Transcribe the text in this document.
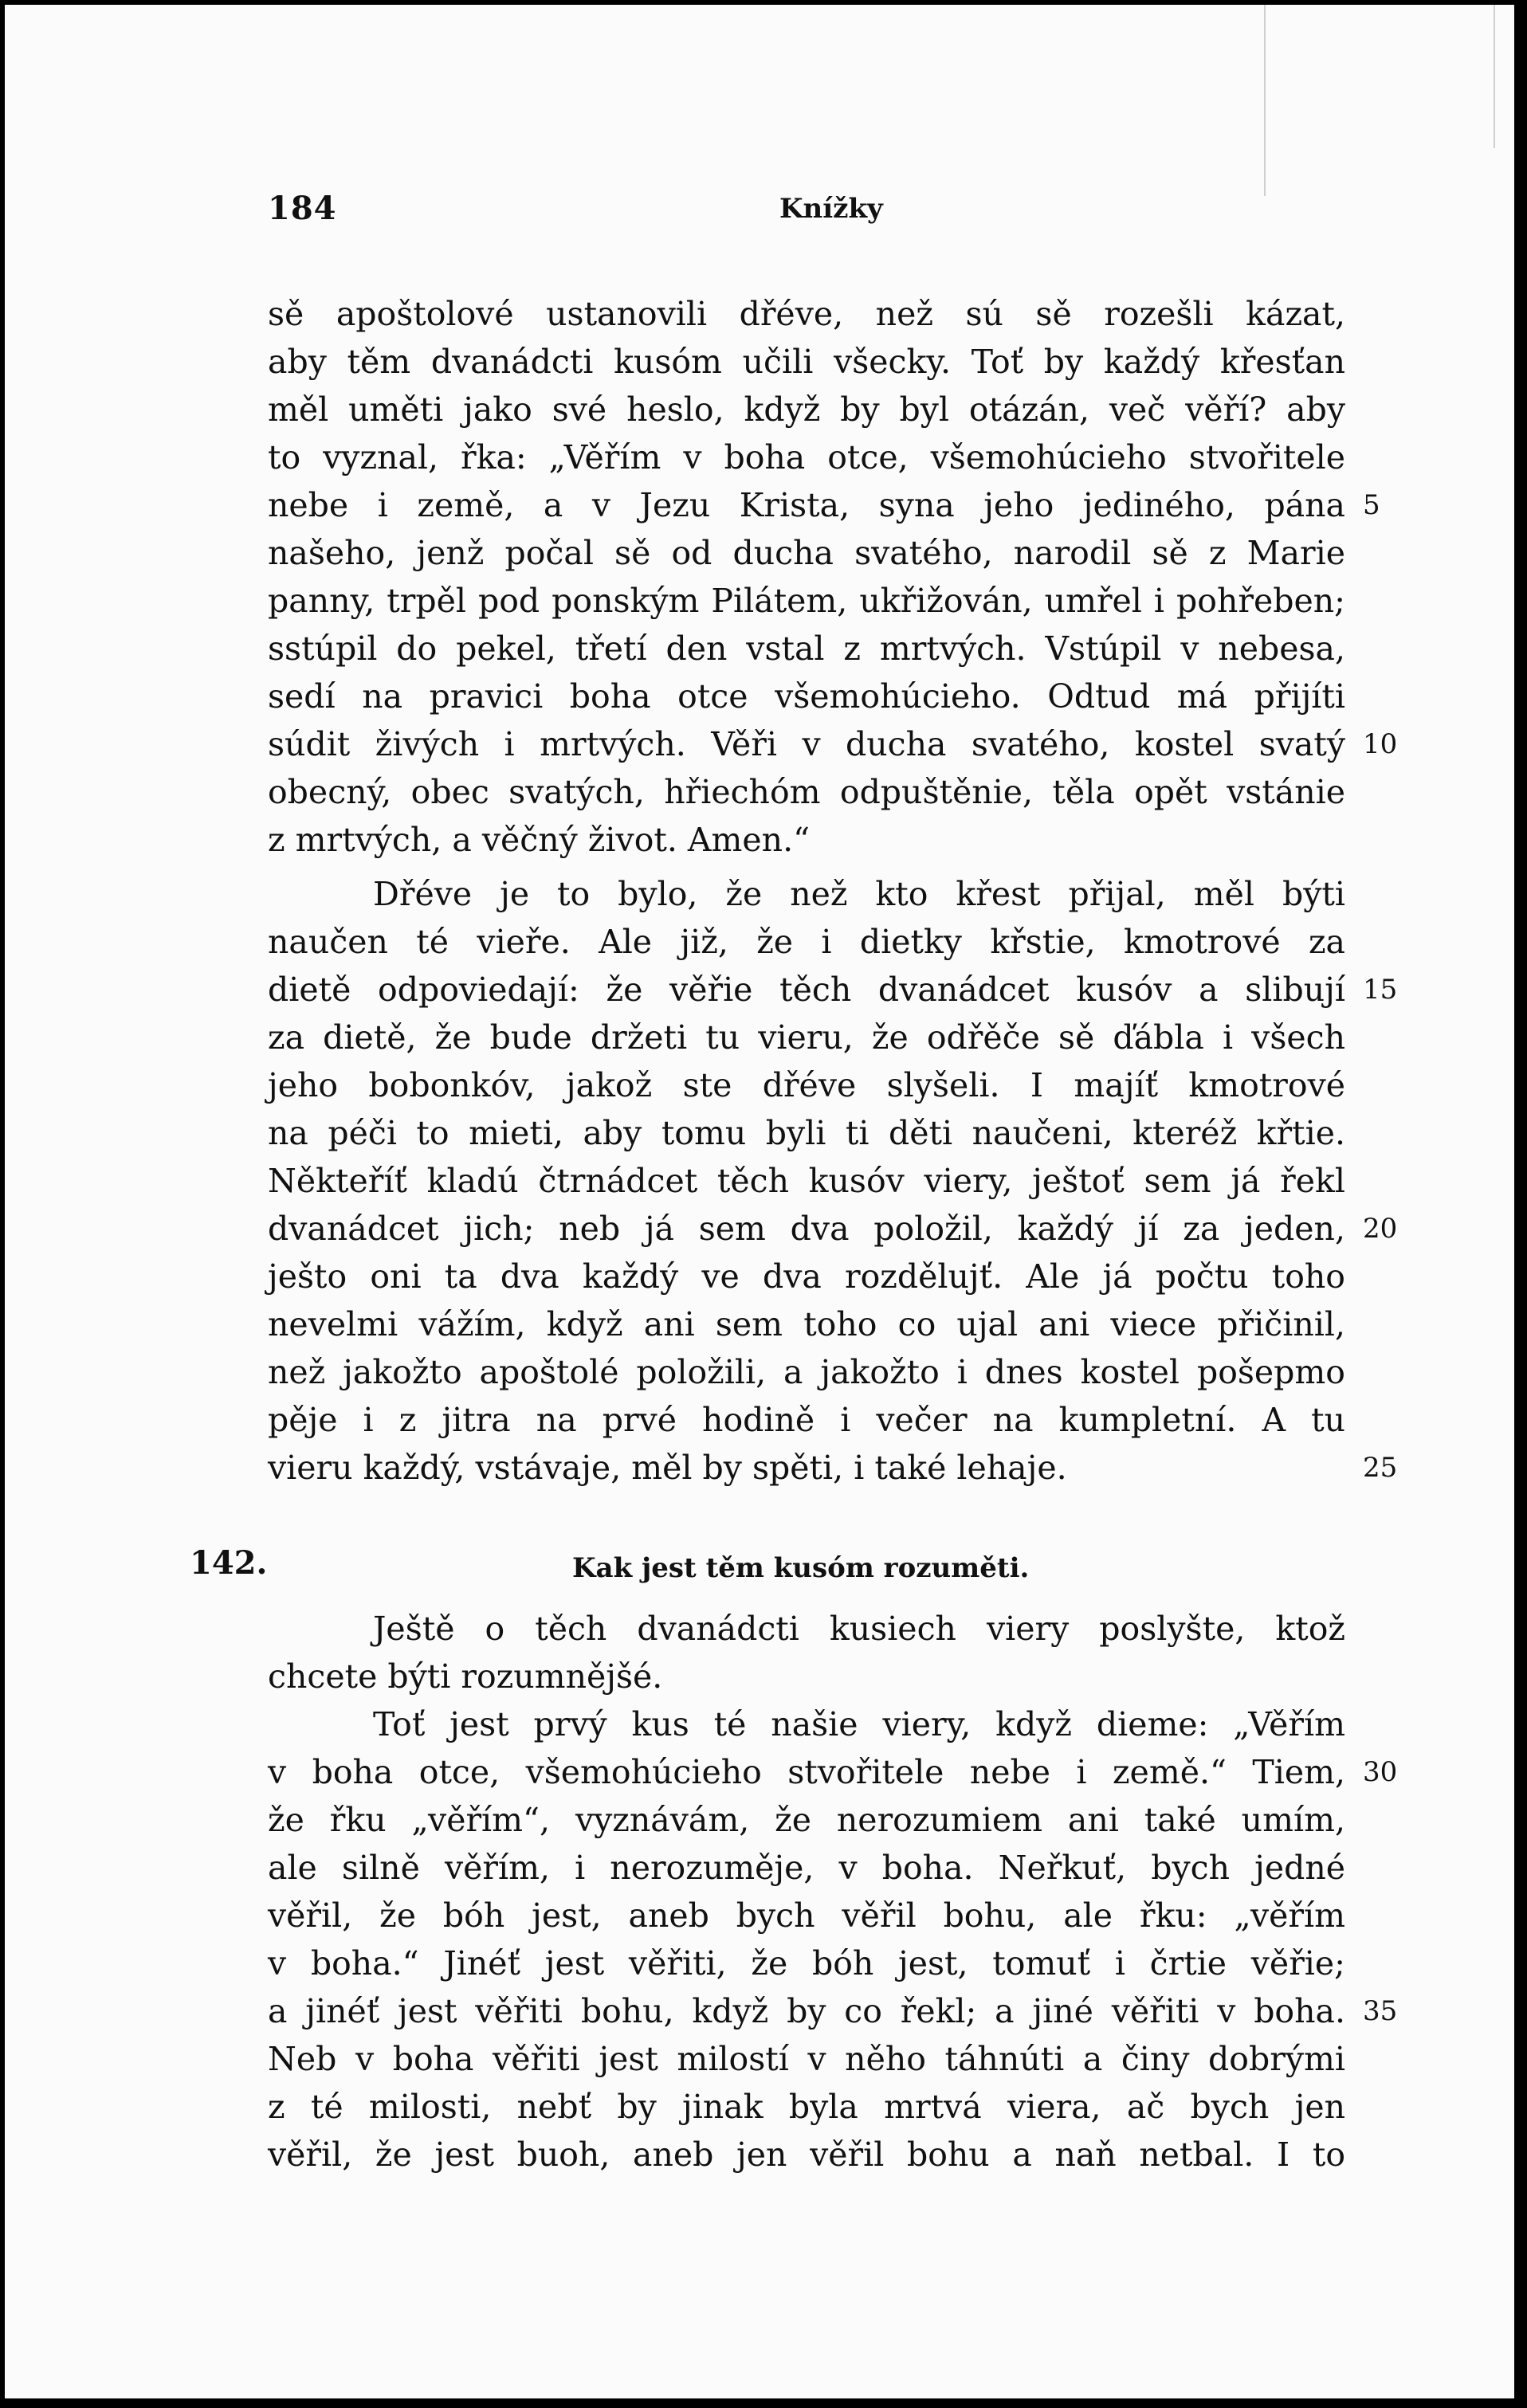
184	Knížky
sě apoštolové ustanovili dřéve, než sú sě rozešli kázat,
aby těm dvanádcti kusóm učili všecky. Toť by každý křesťan
měl uměti jako své heslo, když by byl otázán, več věří? aby
to vyznal, řka: „Věřím v boha otce, všemohúcieho stvořitele
nebe i země, a v Jezu Krista, syna jeho jediného, pána
našeho, jenž počal sě od ducha svatého, narodil sě z Marie
panny, trpěl pod ponským Pilátem, ukřižován, umřel i pohřeben;
sstúpil do pekel, třetí den vstal z mrtvých. Vstúpil v nebesa,
sedí na pravici boha otce všemohúcieho. Odtud má přijíti
súdit živých i mrtvých. Věři v ducha svatého, kostel svatý
obecný, obec svatých, hřiechóm odpuštěnie, těla opět vstánie
z mrtvých, a věčný život. Amen.“
Dřéve je to bylo, že než kto křest přijal, měl býti
naučen té vieře. Ale již, že i dietky křstie, kmotrové za
dietě odpoviedají: že věřie těch dvanádcet kusóv a slibují
za dietě, že bude držeti tu vieru, že odřěče sě ďábla i všech
jeho bobonkóv, jakož ste dřéve slyšeli. I majíť kmotrové
na péči to mieti, aby tomu byli ti děti naučeni, kteréž křtie.
Někteříť kladú čtrnádcet těch kusóv viery, ještoť sem já řekl
dvanádcet jich; neb já sem dva položil, každý jí za jeden,
ješto oni ta dva každý ve dva rozdělujť. Ale já počtu toho
nevelmi vážím, když ani sem toho co ujal ani viece přičinil,
než jakožto apoštolé položili, a jakožto i dnes kostel pošepmo
pěje i z jitra na prvé hodině i večer na kumpletní. A tu
vieru každý, vstávaje, měl by spěti, i také lehaje.
142.	Kak jest těm kusóm rozuměti.
Ještě o těch dvanádcti kusiech viery poslyšte, ktož
chcete býti rozumnějšé.
Toť jest prvý kus té našie viery, když dieme: „Věřím
v boha otce, všemohúcieho stvořitele nebe i země.“ Tiem,
že řku „věřím“, vyznávám, že nerozumiem ani také umím,
ale silně věřím, i nerozuměje, v boha. Neřkuť, bych jedné
věřil, že bóh jest, aneb bych věřil bohu, ale řku: „věřím
v boha.“ Jinéť jest věřiti, že bóh jest, tomuť i črtie věřie;
a jinéť jest věřiti bohu, když by co řekl; a jiné věřiti v boha.
Neb v boha věřiti jest milostí v něho táhnúti a činy dobrými
z té milosti, nebť by jinak byla mrtvá viera, ač bych jen
věřil, že jest buoh, aneb jen věřil bohu a naň netbal. I to
5
10
15
20
25
30
35
